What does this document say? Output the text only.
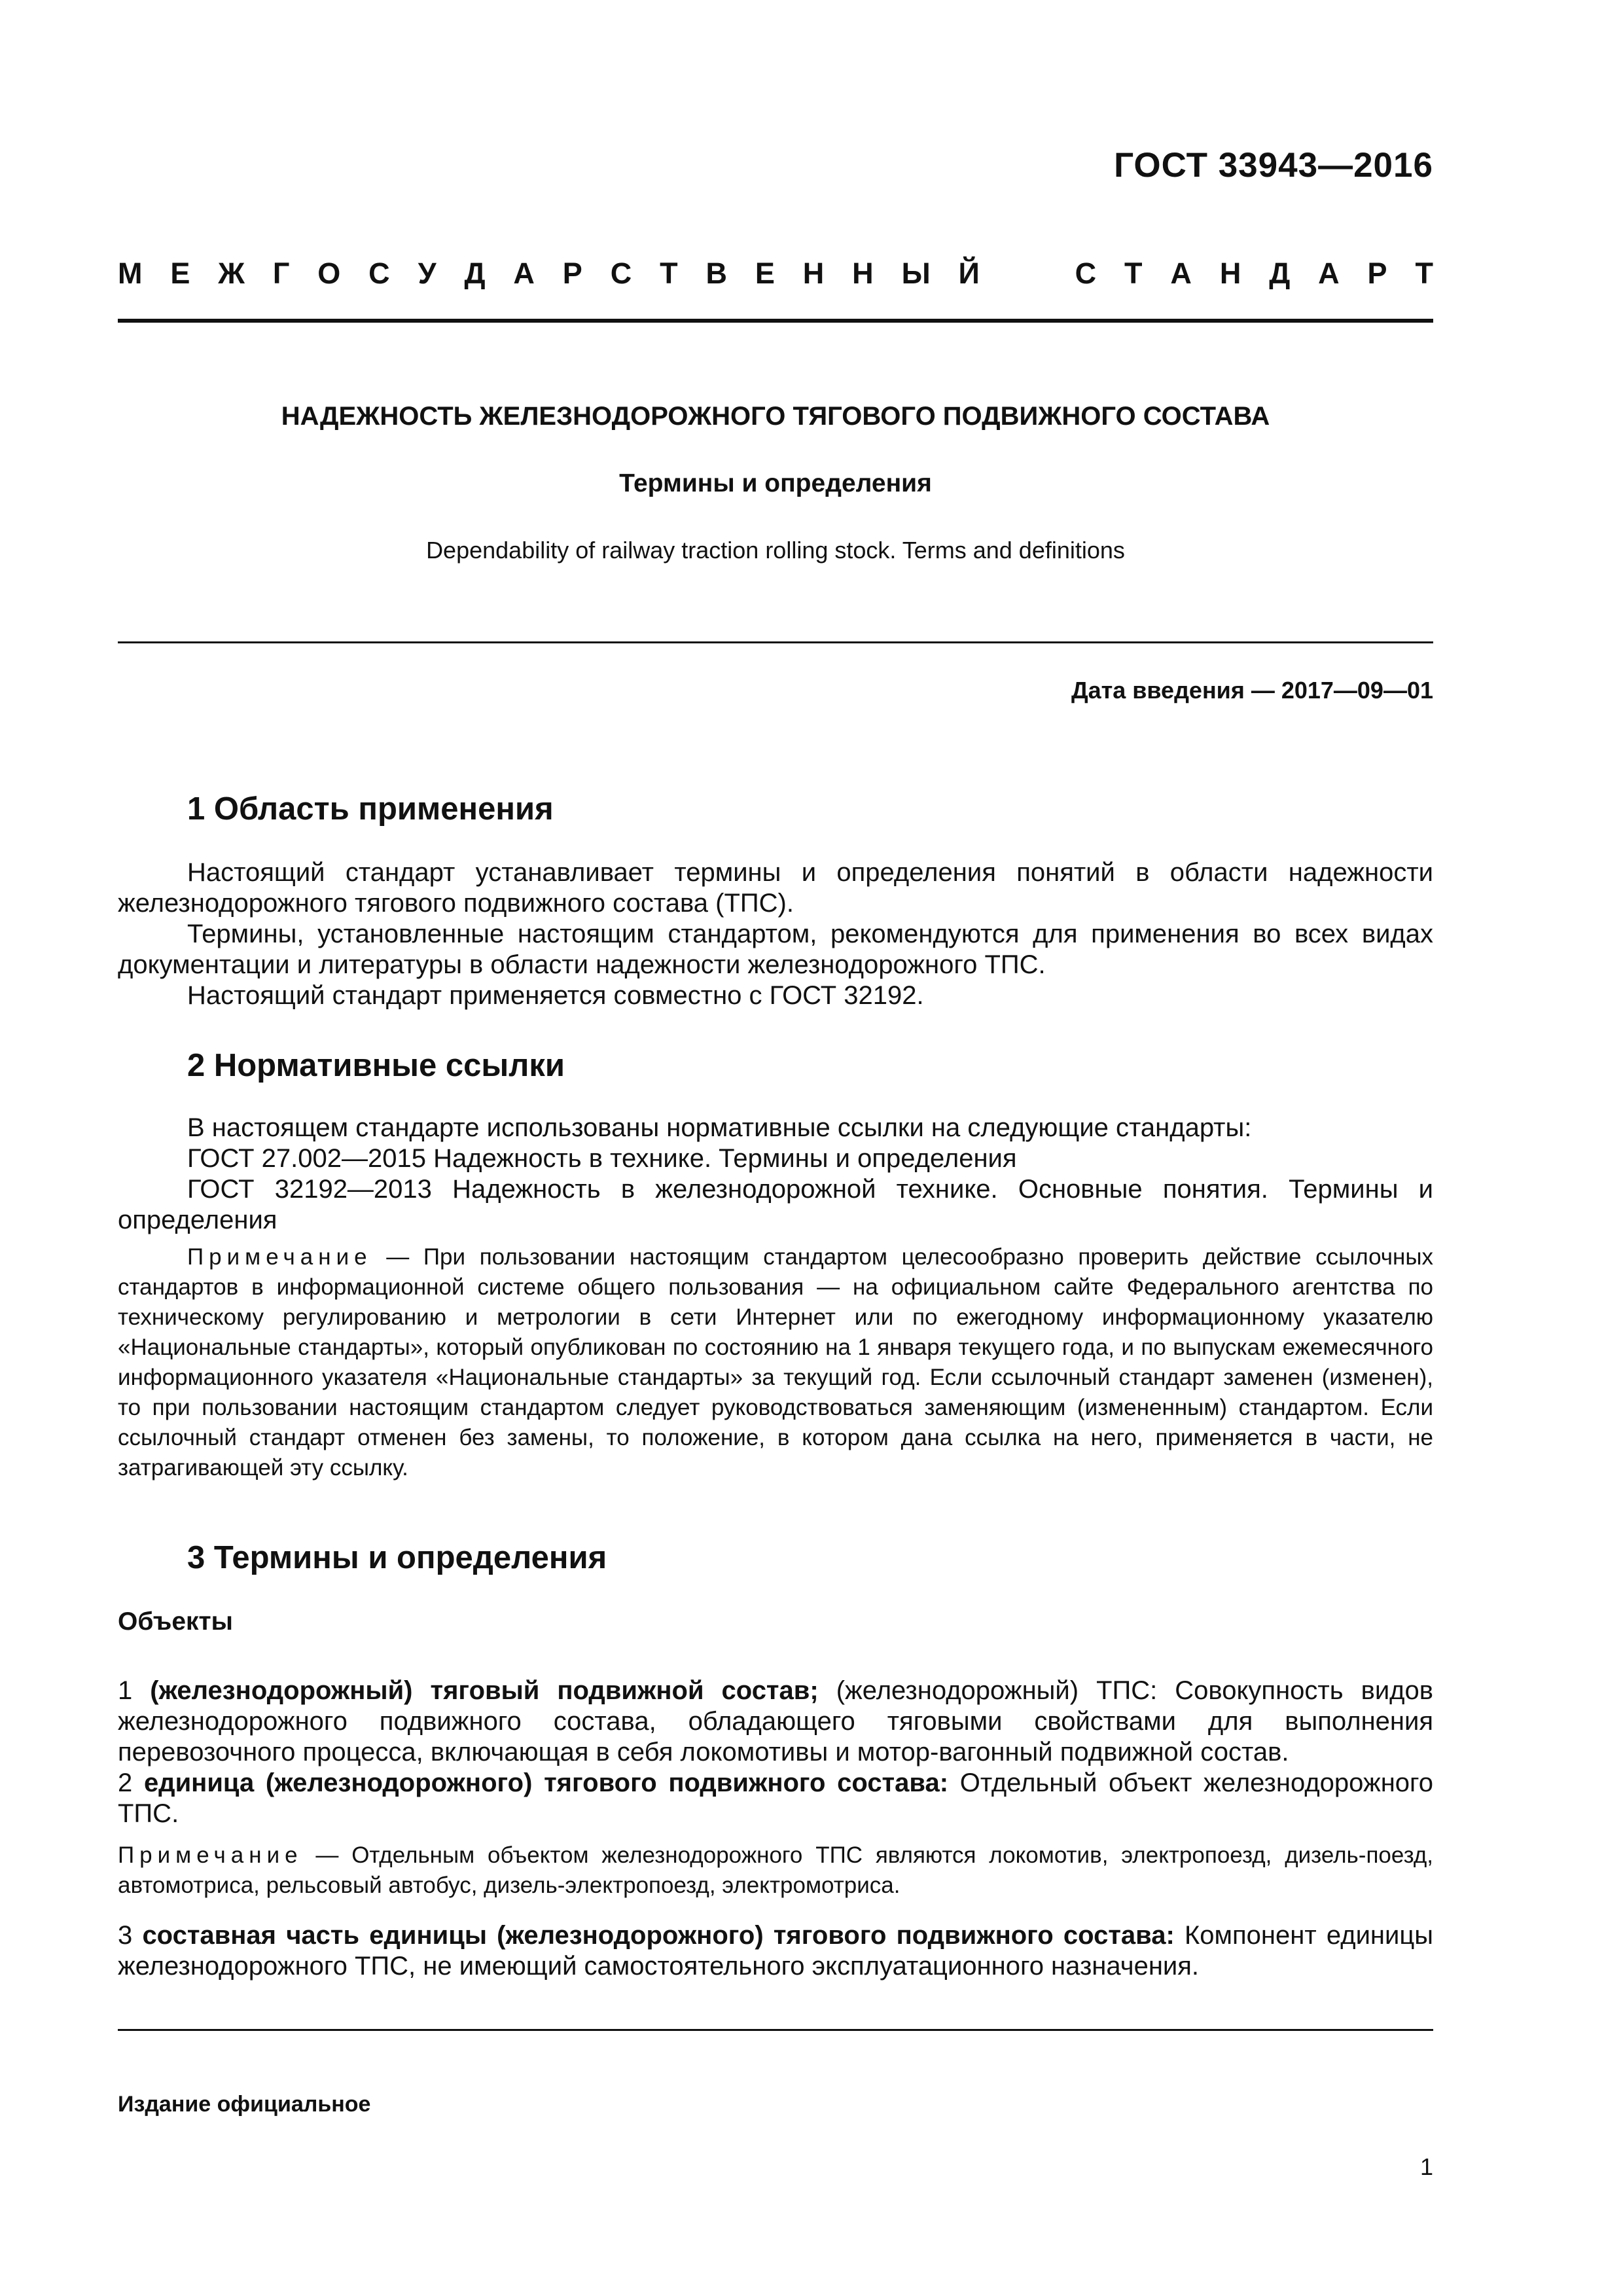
ГОСТ 33943—2016
М Е Ж Г О С У Д А Р С Т В Е Н Н Ы Й	С Т А Н Д А Р Т
НАДЕЖНОСТЬ ЖЕЛЕЗНОДОРОЖНОГО ТЯГОВОГО ПОДВИЖНОГО СОСТАВА
Термины и определения
Dependability of railway traction rolling stock. Terms and definitions
Дата введения — 2017—09—01
1 Область применения
Настоящий стандарт устанавливает термины и определения понятий в области надежности железнодорожного тягового подвижного состава (ТПС).
Термины, установленные настоящим стандартом, рекомендуются для применения во всех видах документации и литературы в области надежности железнодорожного ТПС.
Настоящий стандарт применяется совместно с ГОСТ 32192.
2 Нормативные ссылки
В настоящем стандарте использованы нормативные ссылки на следующие стандарты:
ГОСТ 27.002—2015 Надежность в технике. Термины и определения
ГОСТ 32192—2013 Надежность в железнодорожной технике. Основные понятия. Термины и определения
Примечание — При пользовании настоящим стандартом целесообразно проверить действие ссылочных стандартов в информационной системе общего пользования — на официальном сайте Федерального агентства по техническому регулированию и метрологии в сети Интернет или по ежегодному информационному указателю «Национальные стандарты», который опубликован по состоянию на 1 января текущего года, и по выпускам ежемесячного информационного указателя «Национальные стандарты» за текущий год. Если ссылочный стандарт заменен (изменен), то при пользовании настоящим стандартом следует руководствоваться заменяющим (измененным) стандартом. Если ссылочный стандарт отменен без замены, то положение, в котором дана ссылка на него, применяется в части, не затрагивающей эту ссылку.
3 Термины и определения
Объекты
1 (железнодорожный) тяговый подвижной состав; (железнодорожный) ТПС: Совокупность видов железнодорожного подвижного состава, обладающего тяговыми свойствами для выполнения перевозочного процесса, включающая в себя локомотивы и мотор-вагонный подвижной состав.
2 единица (железнодорожного) тягового подвижного состава: Отдельный объект железнодорожного ТПС.
Примечание — Отдельным объектом железнодорожного ТПС являются локомотив, электропоезд, дизель-поезд, автомотриса, рельсовый автобус, дизель-электропоезд, электромотриса.
3 составная часть единицы (железнодорожного) тягового подвижного состава: Компонент единицы железнодорожного ТПС, не имеющий самостоятельного эксплуатационного назначения.
Издание официальное
1
